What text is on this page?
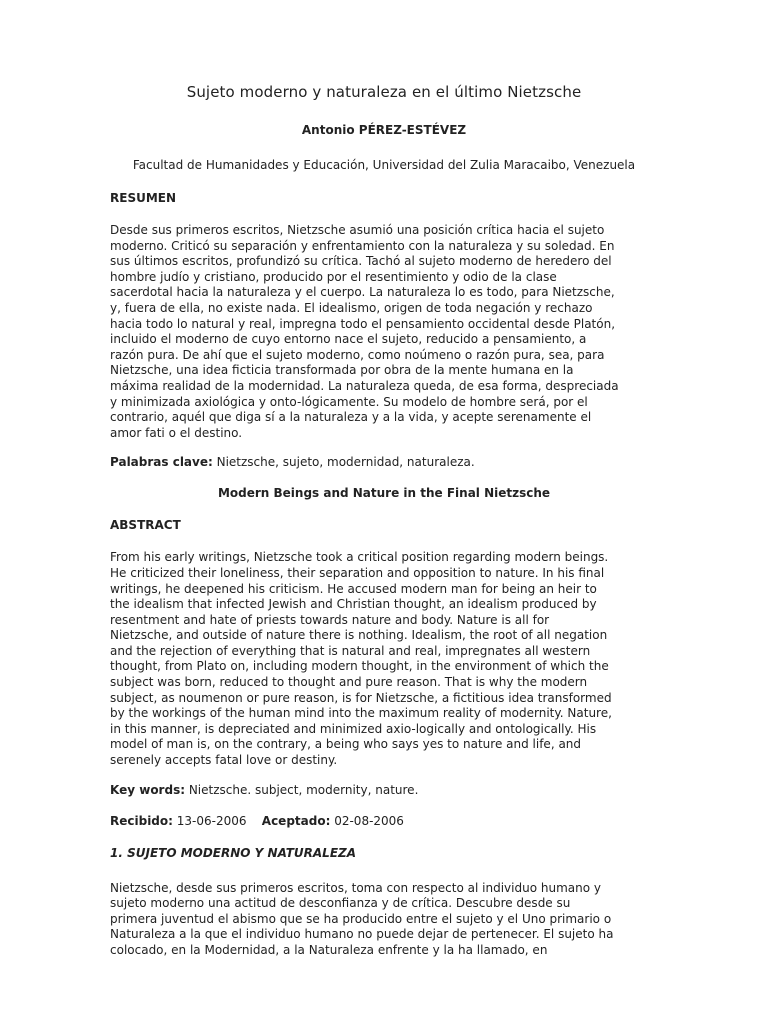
Sujeto moderno y naturaleza en el último Nietzsche
Antonio PÉREZ-ESTÉVEZ
Facultad de Humanidades y Educación, Universidad del Zulia Maracaibo, Venezuela
RESUMEN
Desde sus primeros escritos, Nietzsche asumió una posición crítica hacia el sujeto
moderno. Criticó su separación y enfrentamiento con la naturaleza y su soledad. En
sus últimos escritos, profundizó su crítica. Tachó al sujeto moderno de heredero del
hombre judío y cristiano, producido por el resentimiento y odio de la clase
sacerdotal hacia la naturaleza y el cuerpo. La naturaleza lo es todo, para Nietzsche,
y, fuera de ella, no existe nada. El idealismo, origen de toda negación y rechazo
hacia todo lo natural y real, impregna todo el pensamiento occidental desde Platón,
incluido el moderno de cuyo entorno nace el sujeto, reducido a pensamiento, a
razón pura. De ahí que el sujeto moderno, como noúmeno o razón pura, sea, para
Nietzsche, una idea ficticia transformada por obra de la mente humana en la
máxima realidad de la modernidad. La naturaleza queda, de esa forma, despreciada
y minimizada axiológica y onto-lógicamente. Su modelo de hombre será, por el
contrario, aquél que diga sí a la naturaleza y a la vida, y acepte serenamente el
amor fati o el destino.
Palabras clave: Nietzsche, sujeto, modernidad, naturaleza.
Modern Beings and Nature in the Final Nietzsche
ABSTRACT
From his early writings, Nietzsche took a critical position regarding modern beings.
He criticized their loneliness, their separation and opposition to nature. In his final
writings, he deepened his criticism. He accused modern man for being an heir to
the idealism that infected Jewish and Christian thought, an idealism produced by
resentment and hate of priests towards nature and body. Nature is all for
Nietzsche, and outside of nature there is nothing. Idealism, the root of all negation
and the rejection of everything that is natural and real, impregnates all western
thought, from Plato on, including modern thought, in the environment of which the
subject was born, reduced to thought and pure reason. That is why the modern
subject, as noumenon or pure reason, is for Nietzsche, a fictitious idea transformed
by the workings of the human mind into the maximum reality of modernity. Nature,
in this manner, is depreciated and minimized axio-logically and ontologically. His
model of man is, on the contrary, a being who says yes to nature and life, and
serenely accepts fatal love or destiny.
Key words: Nietzsche. subject, modernity, nature.
Recibido: 13-06-2006 Aceptado: 02-08-2006
1. SUJETO MODERNO Y NATURALEZA
Nietzsche, desde sus primeros escritos, toma con respecto al individuo humano y
sujeto moderno una actitud de desconfianza y de crítica. Descubre desde su
primera juventud el abismo que se ha producido entre el sujeto y el Uno primario o
Naturaleza a la que el individuo humano no puede dejar de pertenecer. El sujeto ha
colocado, en la Modernidad, a la Naturaleza enfrente y la ha llamado, en
